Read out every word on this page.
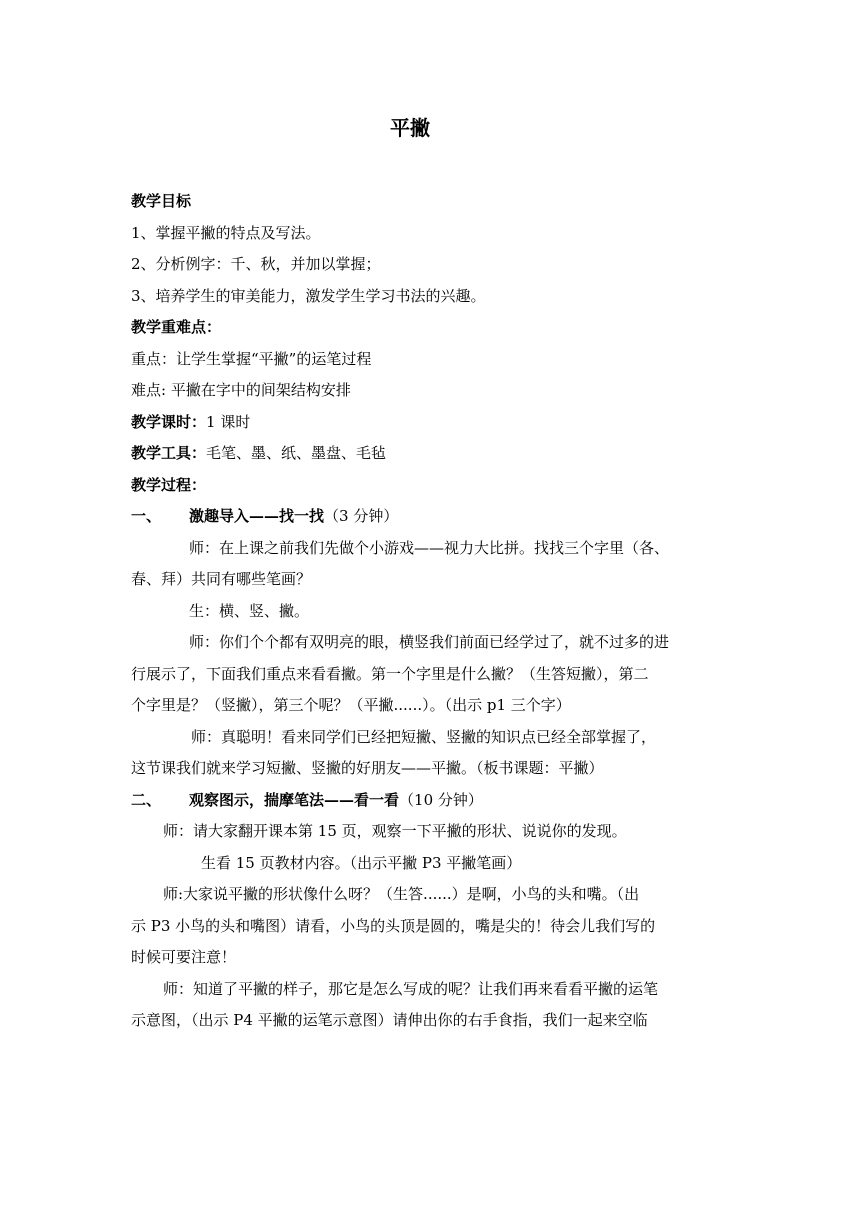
平撇

教学目标

1、掌握平撇的特点及写法。

2、分析例字：千、秋，并加以掌握；

3、培养学生的审美能力，激发学生学习书法的兴趣。

教学重难点：

重点：让学生掌握“平撇”的运笔过程

难点: 平撇在字中的间架结构安排

教学课时：1 课时

教学工具：毛笔、墨、纸、墨盘、毛毡

教学过程：

一、 激趣导入——找一找（3 分钟）

师：在上课之前我们先做个小游戏——视力大比拼。找找三个字里（各、

春、拜）共同有哪些笔画？

生：横、竖、撇。

师：你们个个都有双明亮的眼，横竖我们前面已经学过了，就不过多的进

行展示了，下面我们重点来看看撇。第一个字里是什么撇？（生答短撇），第二

个字里是？（竖撇），第三个呢？（平撇......）。（出示 p1 三个字）

师：真聪明！看来同学们已经把短撇、竖撇的知识点已经全部掌握了，

这节课我们就来学习短撇、竖撇的好朋友——平撇。（板书课题：平撇）

二、 观察图示，揣摩笔法——看一看（10 分钟）

师：请大家翻开课本第 15 页，观察一下平撇的形状、说说你的发现。

生看 15 页教材内容。（出示平撇 P3 平撇笔画）

师:大家说平撇的形状像什么呀？（生答......）是啊，小鸟的头和嘴。（出

示 P3 小鸟的头和嘴图）请看，小鸟的头顶是圆的，嘴是尖的！待会儿我们写的

时候可要注意！

师：知道了平撇的样子，那它是怎么写成的呢？让我们再来看看平撇的运笔

示意图，（出示 P4 平撇的运笔示意图）请伸出你的右手食指，我们一起来空临
